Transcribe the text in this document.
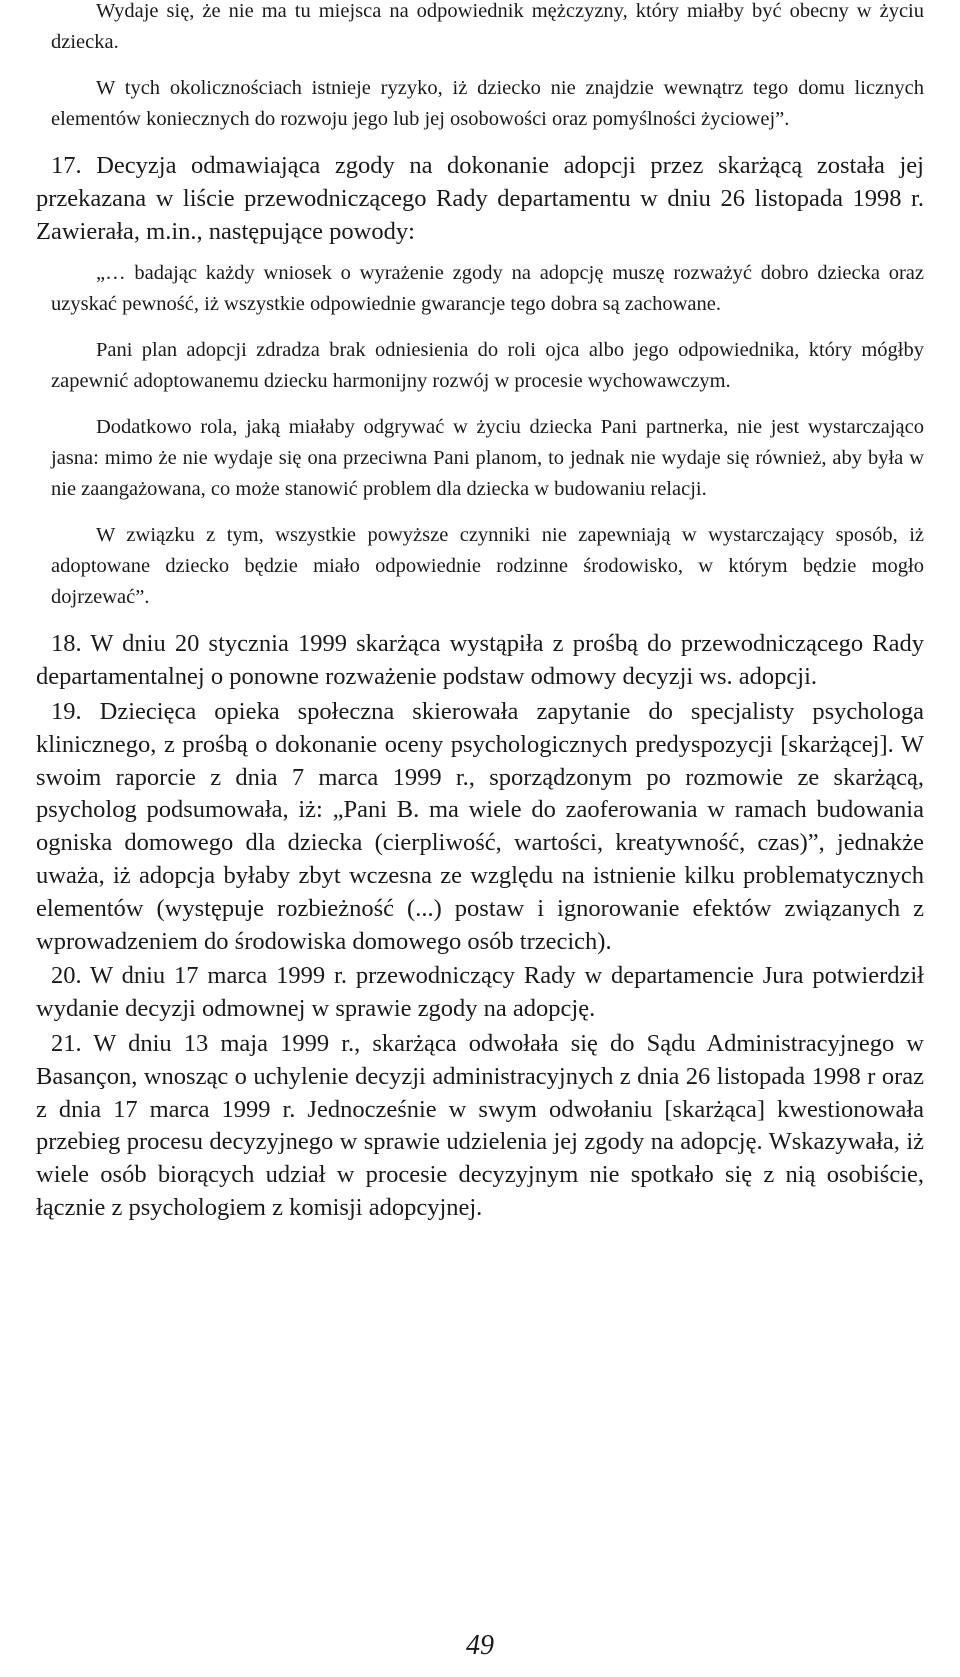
Wydaje się, że nie ma tu miejsca na odpowiednik mężczyzny, który miałby być obecny w życiu dziecka.

W tych okolicznościach istnieje ryzyko, iż dziecko nie znajdzie wewnątrz tego domu licznych elementów koniecznych do rozwoju jego lub jej osobowości oraz pomyślności życiowej”.

17. Decyzja odmawiająca zgody na dokonanie adopcji przez skarżącą została jej przekazana w liście przewodniczącego Rady departamentu w dniu 26 listopada 1998 r. Zawierała, m.in., następujące powody:

„… badając każdy wniosek o wyrażenie zgody na adopcję muszę rozważyć dobro dziecka oraz uzyskać pewność, iż wszystkie odpowiednie gwarancje tego dobra są zachowane.

Pani plan adopcji zdradza brak odniesienia do roli ojca albo jego odpowiednika, który mógłby zapewnić adoptowanemu dziecku harmonijny rozwój w procesie wychowawczym.

Dodatkowo rola, jaką miałaby odgrywać w życiu dziecka Pani partnerka, nie jest wystarczająco jasna: mimo że nie wydaje się ona przeciwna Pani planom, to jednak nie wydaje się również, aby była w nie zaangażowana, co może stanowić problem dla dziecka w budowaniu relacji.

W związku z tym, wszystkie powyższe czynniki nie zapewniają w wystarczający sposób, iż adoptowane dziecko będzie miało odpowiednie rodzinne środowisko, w którym będzie mogło dojrzewać”.

18. W dniu 20 stycznia 1999 skarżąca wystąpiła z prośbą do przewodniczącego Rady departamentalnej o ponowne rozważenie podstaw odmowy decyzji ws. adopcji.

19. Dziecięca opieka społeczna skierowała zapytanie do specjalisty psychologa klinicznego, z prośbą o dokonanie oceny psychologicznych predyspozycji [skarżącej]. W swoim raporcie z dnia 7 marca 1999 r., sporządzonym po rozmowie ze skarżącą, psycholog podsumowała, iż: „Pani B. ma wiele do zaoferowania w ramach budowania ogniska domowego dla dziecka (cierpliwość, wartości, kreatywność, czas)”, jednakże uważa, iż adopcja byłaby zbyt wczesna ze względu na istnienie kilku problematycznych elementów (występuje rozbieżność (...) postaw i ignorowanie efektów związanych z wprowadzeniem do środowiska domowego osób trzecich).

20. W dniu 17 marca 1999 r. przewodniczący Rady w departamencie Jura potwierdził wydanie decyzji odmownej w sprawie zgody na adopcję.

21. W dniu 13 maja 1999 r., skarżąca odwołała się do Sądu Administracyjnego w Basançon, wnosząc o uchylenie decyzji administracyjnych z dnia 26 listopada 1998 r oraz z dnia 17 marca 1999 r. Jednocześnie w swym odwołaniu [skarżąca] kwestionowała przebieg procesu decyzyjnego w sprawie udzielenia jej zgody na adopcję. Wskazywała, iż wiele osób biorących udział w procesie decyzyjnym nie spotkało się z nią osobiście, łącznie z psychologiem z komisji adopcyjnej.

49
